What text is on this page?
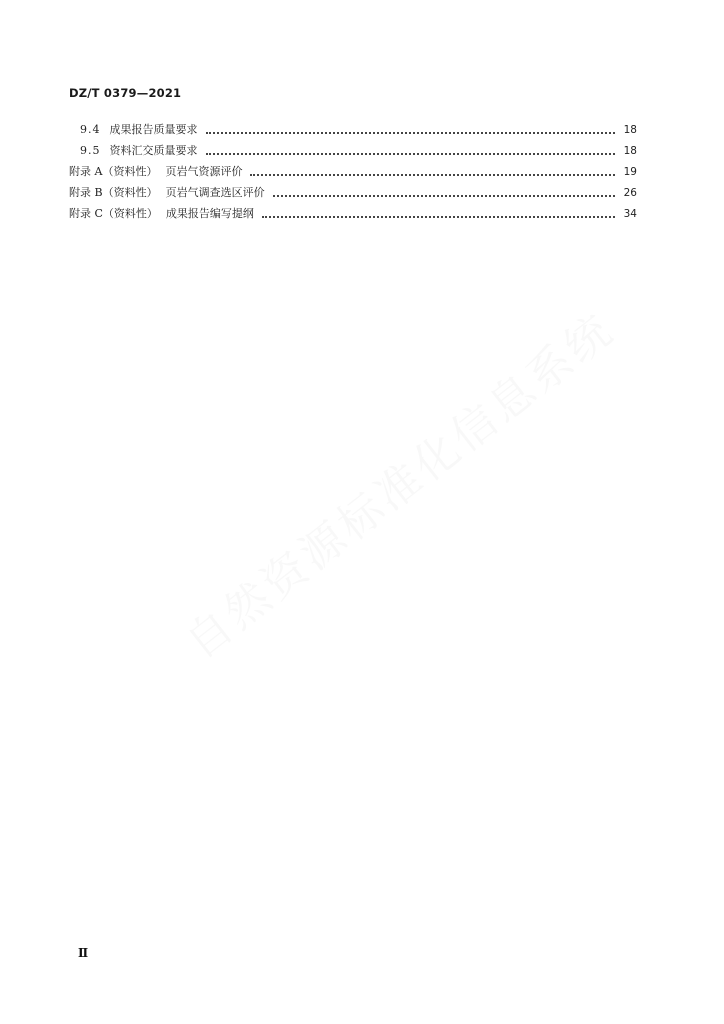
自然资源标准化信息系统
DZ/T 0379—2021
9.4 成果报告质量要求	18
9.5 资料汇交质量要求	18
附录 A（资料性） 页岩气资源评价	19
附录 B（资料性） 页岩气调查选区评价	26
附录 C（资料性） 成果报告编写提纲	34
Ⅱ
